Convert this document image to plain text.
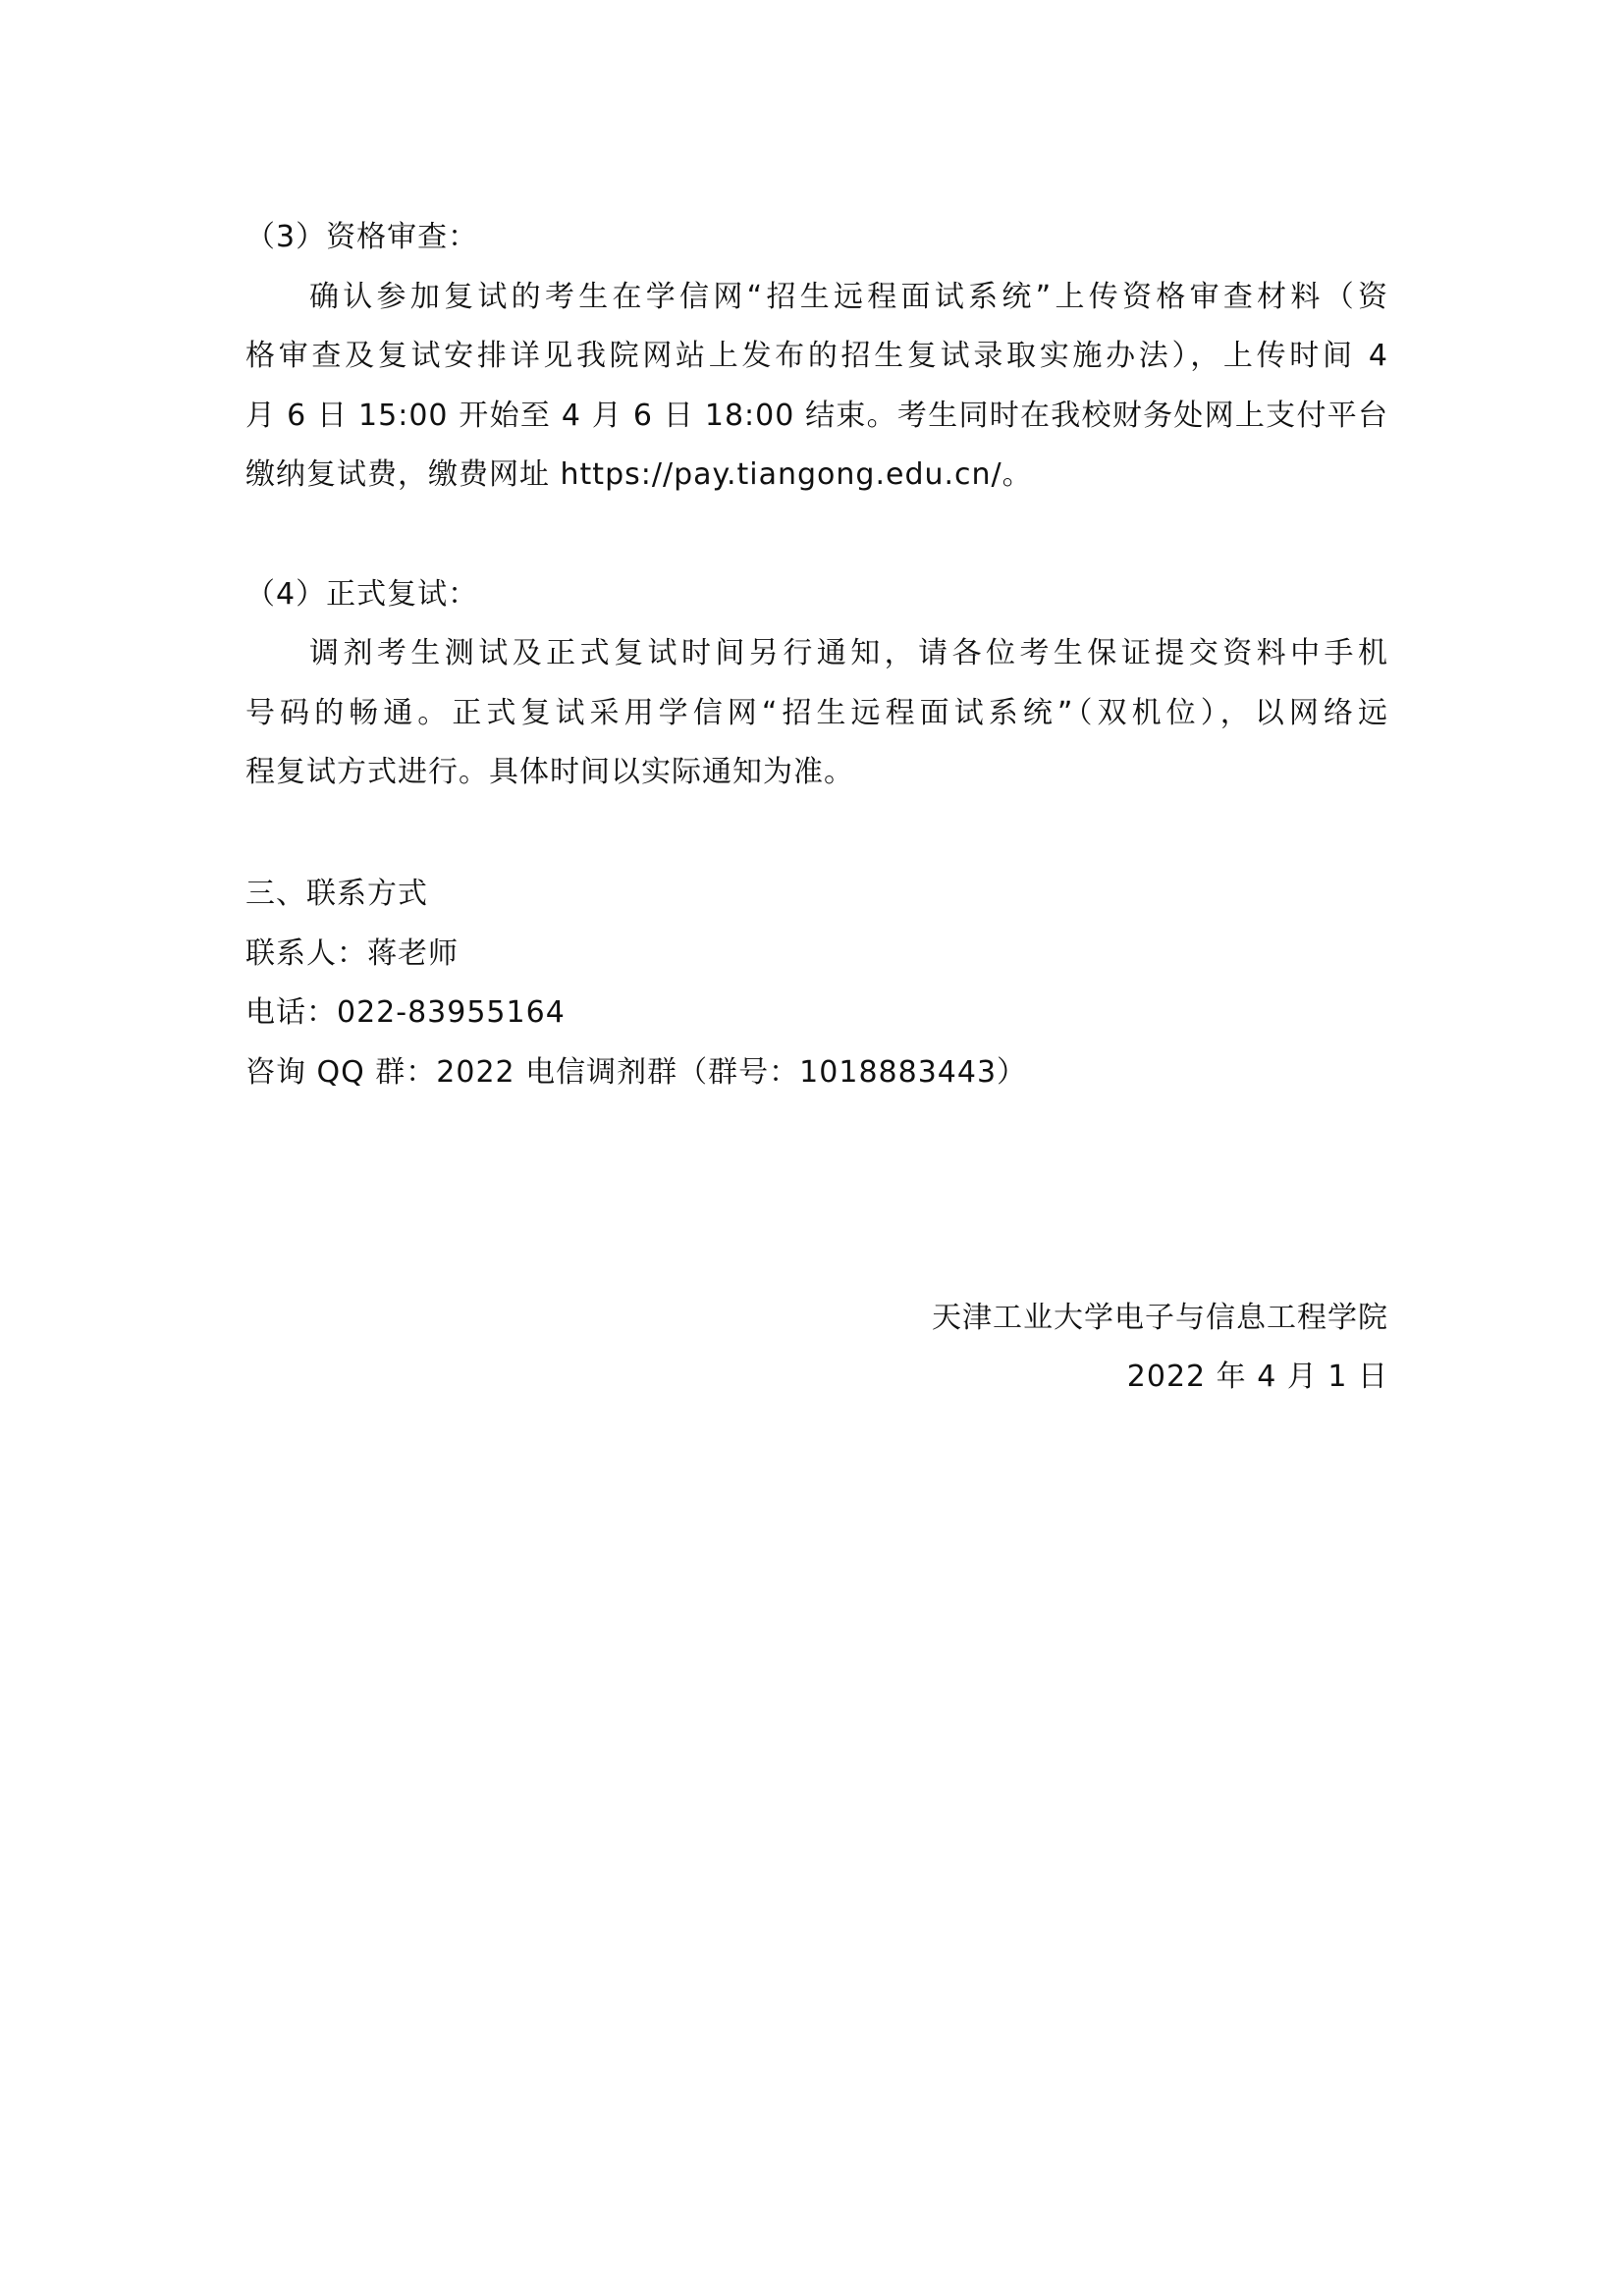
（3）资格审查：
确认参加复试的考生在学信网“招生远程面试系统”上传资格审查材料（资
格审查及复试安排详见我院网站上发布的招生复试录取实施办法），上传时间 4
月 6 日 15:00 开始至 4 月 6 日 18:00 结束。考生同时在我校财务处网上支付平台
缴纳复试费，缴费网址 https://pay.tiangong.edu.cn/。
（4）正式复试：
调剂考生测试及正式复试时间另行通知，请各位考生保证提交资料中手机
号码的畅通。正式复试采用学信网“招生远程面试系统”（双机位），以网络远
程复试方式进行。具体时间以实际通知为准。
三、联系方式
联系人：蒋老师
电话：022-83955164
咨询 QQ 群：2022 电信调剂群（群号：1018883443）
天津工业大学电子与信息工程学院
2022 年 4 月 1 日
